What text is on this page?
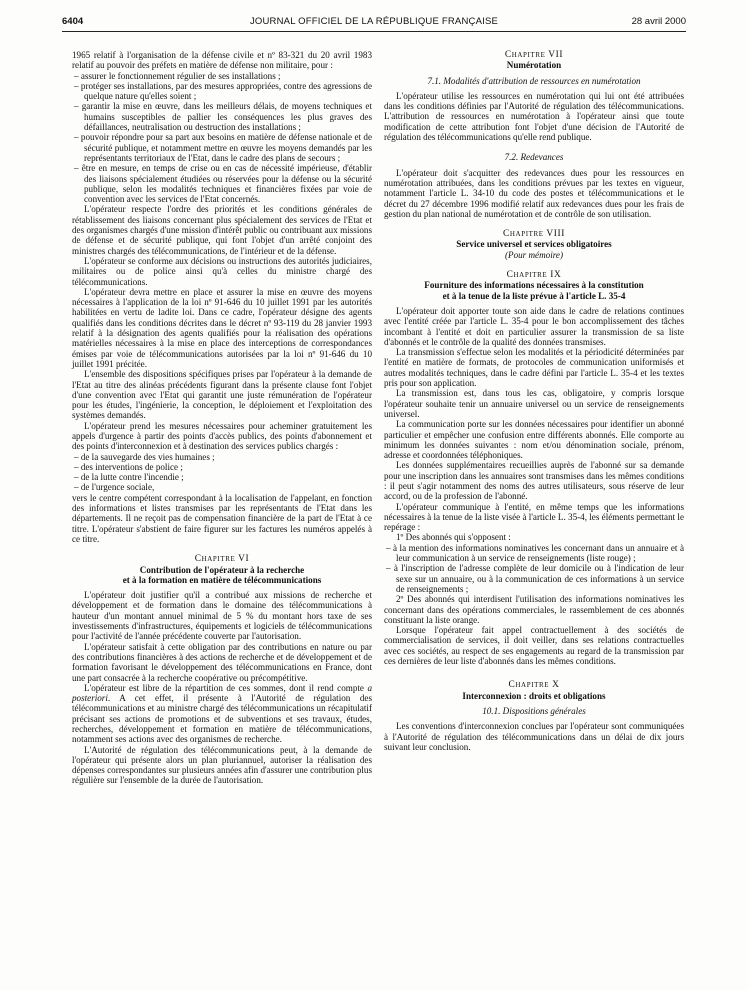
6404	JOURNAL OFFICIEL DE LA RÉPUBLIQUE FRANÇAISE	28 avril 2000

1965 relatif à l'organisation de la défense civile et nº 83-321 du 20 avril 1983 relatif au pouvoir des préfets en matière de défense non militaire, pour :

– assurer le fonctionnement régulier de ses installations ;

– protéger ses installations, par des mesures appropriées, contre des agressions de quelque nature qu'elles soient ;

– garantir la mise en œuvre, dans les meilleurs délais, de moyens techniques et humains susceptibles de pallier les conséquences les plus graves des défaillances, neutralisation ou destruction des installations ;

– pouvoir répondre pour sa part aux besoins en matière de défense nationale et de sécurité publique, et notamment mettre en œuvre les moyens demandés par les représentants territoriaux de l'Etat, dans le cadre des plans de secours ;

– être en mesure, en temps de crise ou en cas de nécessité impérieuse, d'établir des liaisons spécialement étudiées ou réservées pour la défense ou la sécurité publique, selon les modalités techniques et financières fixées par voie de convention avec les services de l'Etat concernés.

L'opérateur respecte l'ordre des priorités et les conditions générales de rétablissement des liaisons concernant plus spécialement des services de l'Etat et des organismes chargés d'une mission d'intérêt public ou contribuant aux missions de défense et de sécurité publique, qui font l'objet d'un arrêté conjoint des ministres chargés des télécommunications, de l'intérieur et de la défense.

L'opérateur se conforme aux décisions ou instructions des autorités judiciaires, militaires ou de police ainsi qu'à celles du ministre chargé des télécommunications.

L'opérateur devra mettre en place et assurer la mise en œuvre des moyens nécessaires à l'application de la loi nº 91-646 du 10 juillet 1991 par les autorités habilitées en vertu de ladite loi. Dans ce cadre, l'opérateur désigne des agents qualifiés dans les conditions décrites dans le décret nº 93-119 du 28 janvier 1993 relatif à la désignation des agents qualifiés pour la réalisation des opérations matérielles nécessaires à la mise en place des interceptions de correspondances émises par voie de télécommunications autorisées par la loi nº 91-646 du 10 juillet 1991 précitée.

L'ensemble des dispositions spécifiques prises par l'opérateur à la demande de l'Etat au titre des alinéas précédents figurant dans la présente clause font l'objet d'une convention avec l'Etat qui garantit une juste rémunération de l'opérateur pour les études, l'ingénierie, la conception, le déploiement et l'exploitation des systèmes demandés.

L'opérateur prend les mesures nécessaires pour acheminer gratuitement les appels d'urgence à partir des points d'accès publics, des points d'abonnement et des points d'interconnexion et à destination des services publics chargés :

– de la sauvegarde des vies humaines ;

– des interventions de police ;

– de la lutte contre l'incendie ;

– de l'urgence sociale,

vers le centre compétent correspondant à la localisation de l'appelant, en fonction des informations et listes transmises par les représentants de l'Etat dans les départements. Il ne reçoit pas de compensation financière de la part de l'Etat à ce titre. L'opérateur s'abstient de faire figurer sur les factures les numéros appelés à ce titre.

Chapitre VI

Contribution de l'opérateur à la recherche

et à la formation en matière de télécommunications

L'opérateur doit justifier qu'il a contribué aux missions de recherche et développement et de formation dans le domaine des télécommunications à hauteur d'un montant annuel minimal de 5 % du montant hors taxe de ses investissements d'infrastructures, équipements et logiciels de télécommunications pour l'activité de l'année précédente couverte par l'autorisation.

L'opérateur satisfait à cette obligation par des contributions en nature ou par des contributions financières à des actions de recherche et de développement et de formation favorisant le développement des télécommunications en France, dont une part consacrée à la recherche coopérative ou précompétitive.

L'opérateur est libre de la répartition de ces sommes, dont il rend compte a posteriori. A cet effet, il présente à l'Autorité de régulation des télécommunications et au ministre chargé des télécommunications un récapitulatif précisant ses actions de promotions et de subventions et ses travaux, études, recherches, développement et formation en matière de télécommunications, notamment ses actions avec des organismes de recherche.

L'Autorité de régulation des télécommunications peut, à la demande de l'opérateur qui présente alors un plan pluriannuel, autoriser la réalisation des dépenses correspondantes sur plusieurs années afin d'assurer une contribution plus régulière sur l'ensemble de la durée de l'autorisation.

Chapitre VII

Numérotation

7.1. Modalités d'attribution de ressources en numérotation

L'opérateur utilise les ressources en numérotation qui lui ont été attribuées dans les conditions définies par l'Autorité de régulation des télécommunications. L'attribution de ressources en numérotation à l'opérateur ainsi que toute modification de cette attribution font l'objet d'une décision de l'Autorité de régulation des télécommunications qu'elle rend publique.

7.2. Redevances

L'opérateur doit s'acquitter des redevances dues pour les ressources en numérotation attribuées, dans les conditions prévues par les textes en vigueur, notamment l'article L. 34-10 du code des postes et télécommunications et le décret du 27 décembre 1996 modifié relatif aux redevances dues pour les frais de gestion du plan national de numérotation et de contrôle de son utilisation.

Chapitre VIII

Service universel et services obligatoires

(Pour mémoire)

Chapitre IX

Fourniture des informations nécessaires à la constitution

et à la tenue de la liste prévue à l'article L. 35-4

L'opérateur doit apporter toute son aide dans le cadre de relations continues avec l'entité créée par l'article L. 35-4 pour le bon accomplissement des tâches incombant à l'entité et doit en particulier assurer la transmission de sa liste d'abonnés et le contrôle de la qualité des données transmises.

La transmission s'effectue selon les modalités et la périodicité déterminées par l'entité en matière de formats, de protocoles de communication uniformisés et autres modalités techniques, dans le cadre défini par l'article L. 35-4 et les textes pris pour son application.

La transmission est, dans tous les cas, obligatoire, y compris lorsque l'opérateur souhaite tenir un annuaire universel ou un service de renseignements universel.

La communication porte sur les données nécessaires pour identifier un abonné particulier et empêcher une confusion entre différents abonnés. Elle comporte au minimum les données suivantes : nom et/ou dénomination sociale, prénom, adresse et coordonnées téléphoniques.

Les données supplémentaires recueillies auprès de l'abonné sur sa demande pour une inscription dans les annuaires sont transmises dans les mêmes conditions : il peut s'agir notamment des noms des autres utilisateurs, sous réserve de leur accord, ou de la profession de l'abonné.

L'opérateur communique à l'entité, en même temps que les informations nécessaires à la tenue de la liste visée à l'article L. 35-4, les éléments permettant le repérage :

1º Des abonnés qui s'opposent :

– à la mention des informations nominatives les concernant dans un annuaire et à leur communication à un service de renseignements (liste rouge) ;

– à l'inscription de l'adresse complète de leur domicile ou à l'indication de leur sexe sur un annuaire, ou à la communication de ces informations à un service de renseignements ;

2º Des abonnés qui interdisent l'utilisation des informations nominatives les concernant dans des opérations commerciales, le rassemblement de ces abonnés constituant la liste orange.

Lorsque l'opérateur fait appel contractuellement à des sociétés de commercialisation de services, il doit veiller, dans ses relations contractuelles avec ces sociétés, au respect de ses engagements au regard de la transmission par ces dernières de leur liste d'abonnés dans les mêmes conditions.

Chapitre X

Interconnexion : droits et obligations

10.1. Dispositions générales

Les conventions d'interconnexion conclues par l'opérateur sont communiquées à l'Autorité de régulation des télécommunications dans un délai de dix jours suivant leur conclusion.
